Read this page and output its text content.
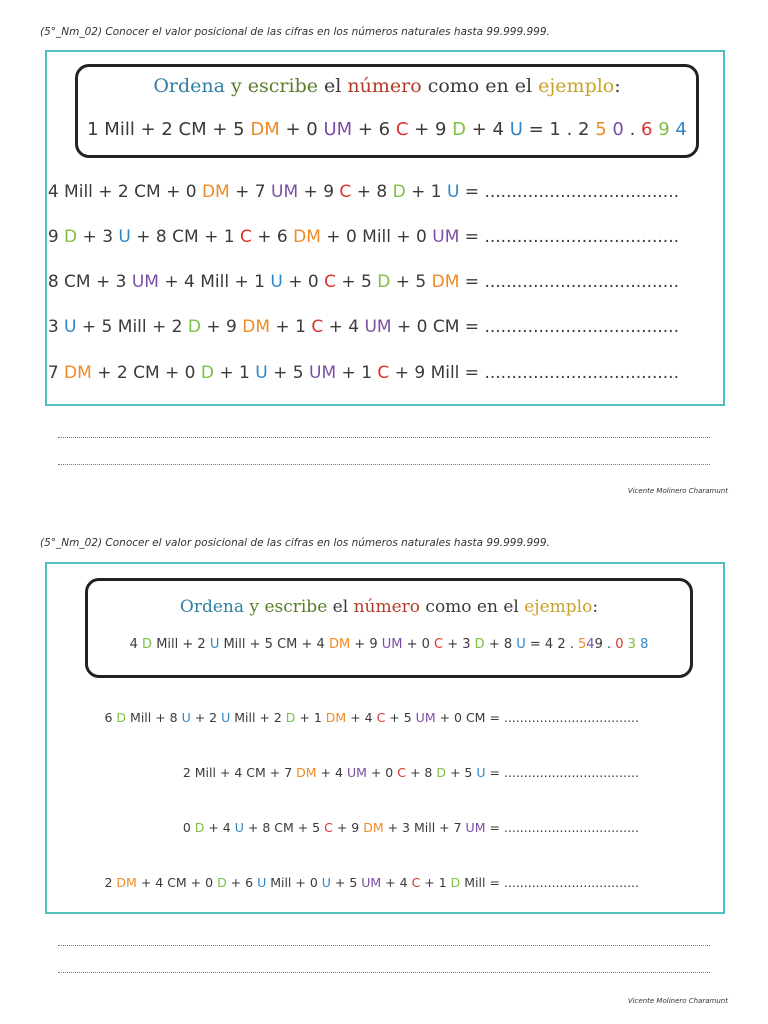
(5°_Nm_02) Conocer el valor posicional de las cifras en los números naturales hasta 99.999.999.
Ordena y escribe el número como en el ejemplo:
1 Mill + 2 CM + 5 DM + 0 UM + 6 C + 9 D + 4 U = 1 . 2 5 0 . 6 9 4
4 Mill + 2 CM + 0 DM + 7 UM + 9 C + 8 D + 1 U = ....................................
9 D + 3 U + 8 CM + 1 C + 6 DM + 0 Mill + 0 UM = ....................................
8 CM + 3 UM + 4 Mill + 1 U + 0 C + 5 D + 5 DM = ....................................
3 U + 5 Mill + 2 D + 9 DM + 1 C + 4 UM + 0 CM = ....................................
7 DM + 2 CM + 0 D + 1 U + 5 UM + 1 C + 9 Mill = ....................................
Vicente Molinero Charamunt
(5°_Nm_02) Conocer el valor posicional de las cifras en los números naturales hasta 99.999.999.
Ordena y escribe el número como en el ejemplo:
4 D Mill + 2 U Mill + 5 CM + 4 DM + 9 UM + 0 C + 3 D + 8 U = 4 2 . 549 . 0 3 8
6 D Mill + 8 U + 2 U Mill + 2 D + 1 DM + 4 C + 5 UM + 0 CM = ..................................
2 Mill + 4 CM + 7 DM + 4 UM + 0 C + 8 D + 5 U = ..................................
0 D + 4 U + 8 CM + 5 C + 9 DM + 3 Mill + 7 UM = ..................................
2 DM + 4 CM + 0 D + 6 U Mill + 0 U + 5 UM + 4 C + 1 D Mill = ..................................
Vicente Molinero Charamunt
